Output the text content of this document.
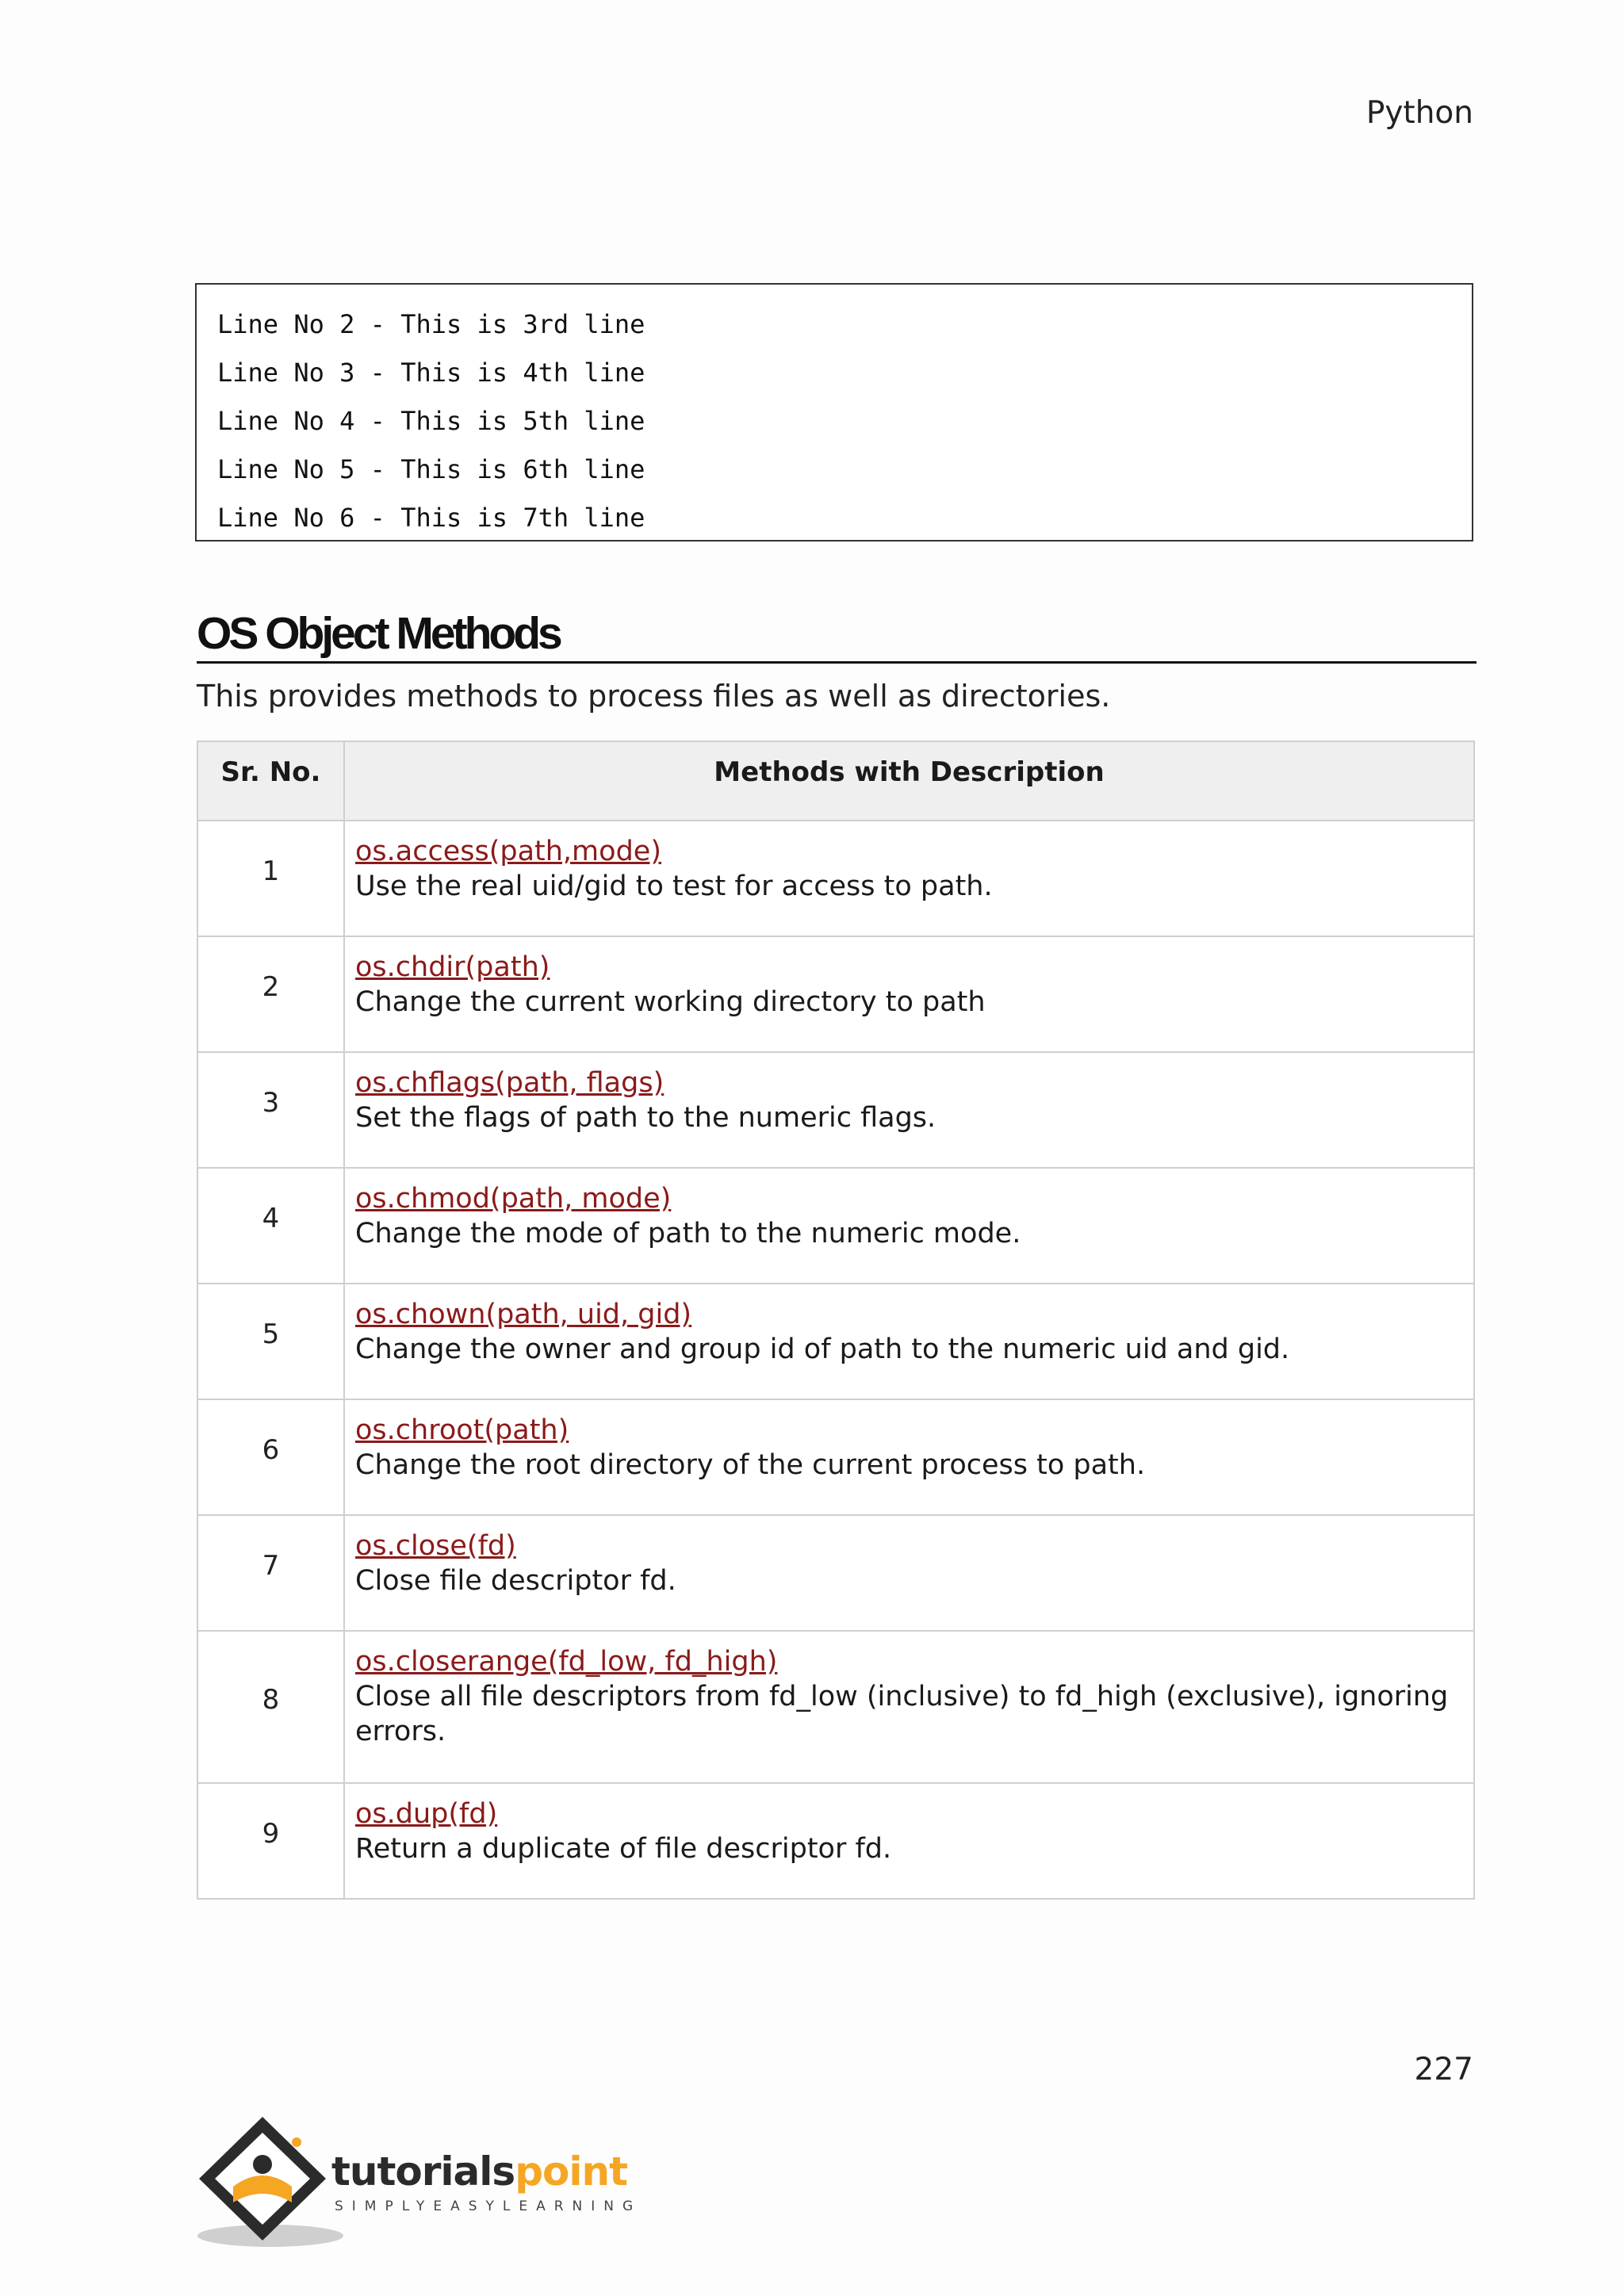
Python

Line No 2 - This is 3rd line

Line No 3 - This is 4th line

Line No 4 - This is 5th line

Line No 5 - This is 6th line

Line No 6 - This is 7th line

OS Object Methods

This provides methods to process files as well as directories.

Sr. No.	Methods with Description
1	os.access(path,mode)
Use the real uid/gid to test for access to path.

2	os.chdir(path)
Change the current working directory to path

3	os.chflags(path, flags)
Set the flags of path to the numeric flags.

4	os.chmod(path, mode)
Change the mode of path to the numeric mode.

5	os.chown(path, uid, gid)
Change the owner and group id of path to the numeric uid and gid.

6	os.chroot(path)
Change the root directory of the current process to path.

7	os.close(fd)
Close file descriptor fd.

8	os.closerange(fd_low, fd_high)
Close all file descriptors from fd_low (inclusive) to fd_high (exclusive), ignoring errors.

9	os.dup(fd)
Return a duplicate of file descriptor fd.
227
tutorialspoint
SIMPLYEASYLEARNING
